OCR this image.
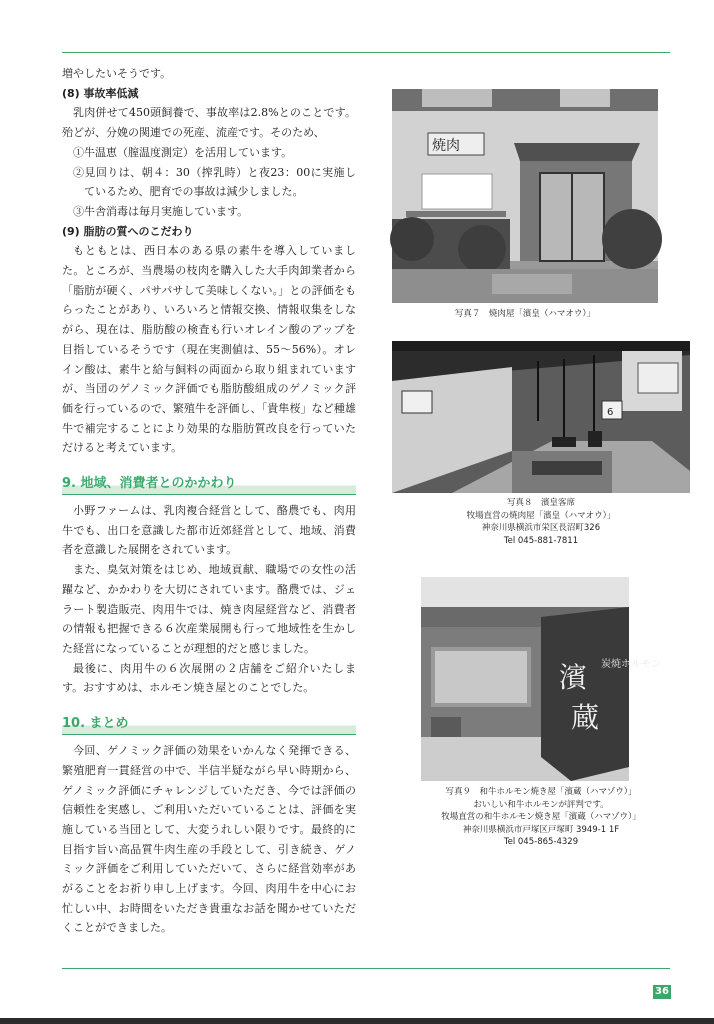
増やしたいそうです。

(8) 事故率低減

乳肉併せて450頭飼養で、事故率は2.8%とのことです。殆どが、分娩の関連での死産、流産です。そのため、

①牛温恵（膣温度測定）を活用しています。

②見回りは、朝４：30（搾乳時）と夜23：00に実施しているため、肥育での事故は減少しました。

③牛舎消毒は毎月実施しています。

(9) 脂肪の質へのこだわり

もともとは、西日本のある県の素牛を導入していました。ところが、当農場の枝肉を購入した大手肉卸業者から「脂肪が硬く、パサパサして美味しくない。」との評価をもらったことがあり、いろいろと情報交換、情報収集をしながら、現在は、脂肪酸の検査も行いオレイン酸のアップを目指しているそうです（現在実測値は、55～56%）。オレイン酸は、素牛と給与飼料の両面から取り組まれていますが、当団のゲノミック評価でも脂肪酸組成のゲノミック評価を行っているので、繁殖牛を評価し、「貴隼桜」など種雄牛で補完することにより効果的な脂肪質改良を行っていただけると考えています。

9. 地域、消費者とのかかわり

小野ファームは、乳肉複合経営として、酪農でも、肉用牛でも、出口を意識した都市近郊経営として、地域、消費者を意識した展開をされています。

また、臭気対策をはじめ、地域貢献、職場での女性の活躍など、かかわりを大切にされています。酪農では、ジェラート製造販売、肉用牛では、焼き肉屋経営など、消費者の情報も把握できる６次産業展開も行って地域性を生かした経営になっていることが理想的だと感じました。

最後に、肉用牛の６次展開の２店舗をご紹介いたします。おすすめは、ホルモン焼き屋とのことでした。

10. まとめ

今回、ゲノミック評価の効果をいかんなく発揮できる、繁殖肥育一貫経営の中で、半信半疑ながら早い時期から、ゲノミック評価にチャレンジしていただき、今では評価の信頼性を実感し、ご利用いただいていることは、評価を実施している当団として、大変うれしい限りです。最終的に目指す旨い高品質牛肉生産の手段として、引き続き、ゲノミック評価をご利用していただいて、さらに経営効率があがることをお祈り申し上げます。今回、肉用牛を中心にお忙しい中、お時間をいただき貴重なお話を聞かせていただくことができました。

焼肉
写真７　焼肉屋「濱皇（ハマオウ）」
6
写真８　濱皇客席
牧場直営の焼肉屋「濱皇（ハマオウ）」
神奈川県横浜市栄区長沼町326
Tel 045-881-7811
炭焼ホルモン
濱
蔵
写真９　和牛ホルモン焼き屋「濱蔵（ハマゾウ）」
おいしい和牛ホルモンが評判です。
牧場直営の和牛ホルモン焼き屋「濱蔵（ハマゾウ）」
神奈川県横浜市戸塚区戸塚町 3949-1 1F
Tel 045-865-4329
36
